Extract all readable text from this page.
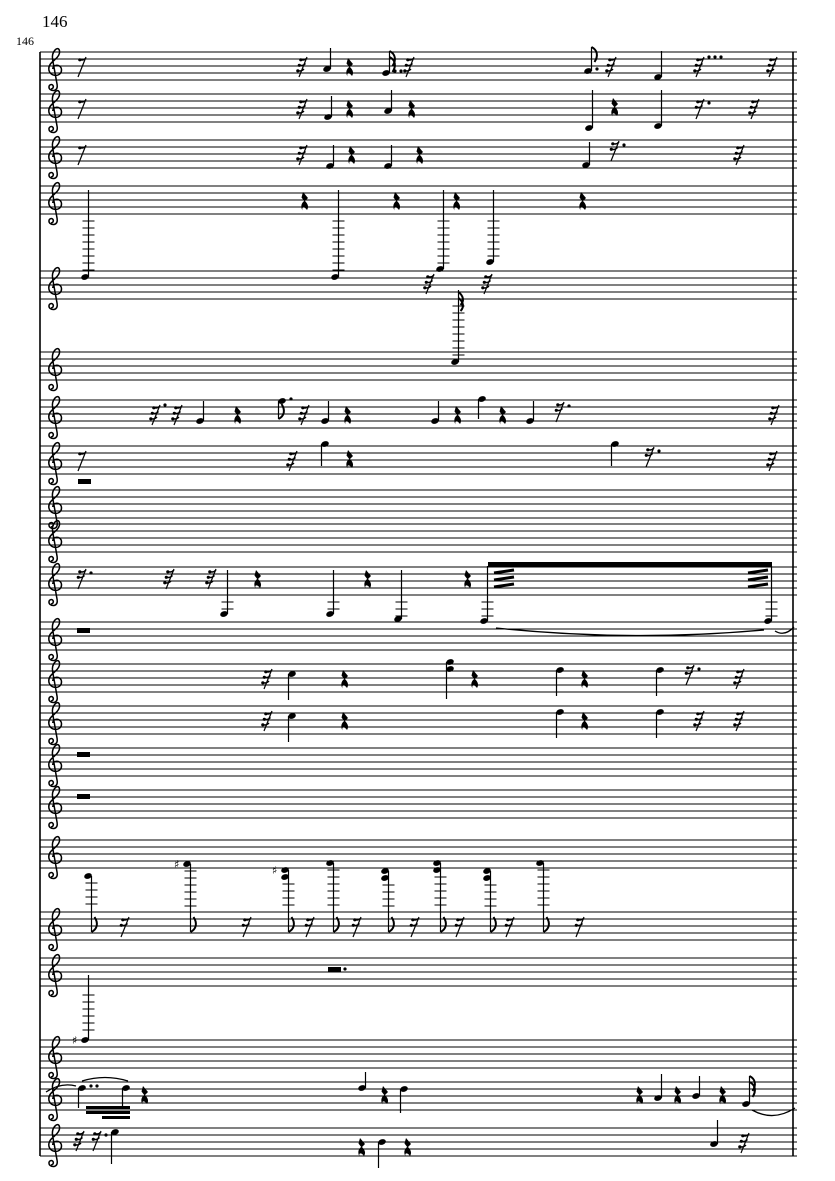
146
146
♯	♯
♯
